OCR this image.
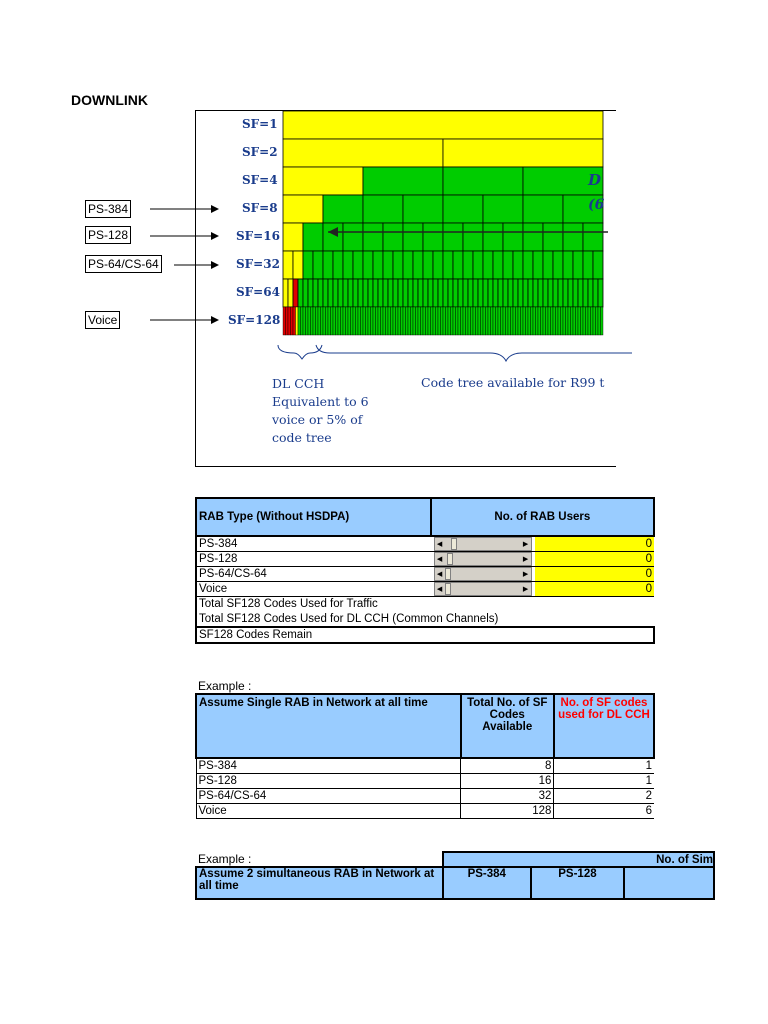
DOWNLINK
SF=1
SF=2
SF=4
SF=8
SF=16
SF=32
SF=64
SF=128
D
(6
DL CCH
Equivalent to 6
voice or 5% of
code tree
Code tree available for R99 t
PS-384
PS-128
PS-64/CS-64
Voice
RAB Type (Without HSDPA)	No. of RAB Users	
PS-384	◀ ▶	0
PS-128	◀ ▶	0
PS-64/CS-64	◀ ▶	0
Voice	◀ ▶	0
Total SF128 Codes Used for Traffic		
Total SF128 Codes Used for DL CCH (Common Channels)		
SF128 Codes Remain		
Example :
Assume Single RAB in Network at all time	Total No. of SF Codes Available	No. of SF codes used for DL CCH
PS-384	8	1
PS-128	16	1
PS-64/CS-64	32	2
Voice	128	6
Example :
		No. of Sim		
Assume 2 simultaneous RAB in Network at all time	PS-384	PS-128	
